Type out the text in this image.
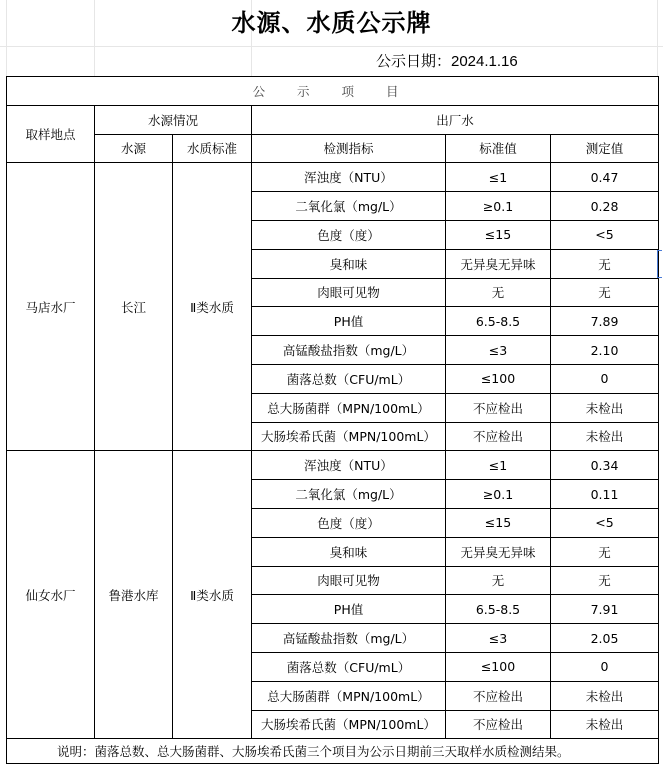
水源、水质公示牌
公示日期：2024.1.16
公 示 项 目					
取样地点	水源情况		出厂水		
	水源	水质标准	检测指标	标准值	测定值
马店水厂	长江	Ⅱ类水质	浑浊度（NTU）	≤1	0.47
			二氧化氯（mg/L）	≥0.1	0.28
			色度（度）	≤15	<5
			臭和味	无异臭无异味	无
			肉眼可见物	无	无
			PH值	6.5-8.5	7.89
			高锰酸盐指数（mg/L）	≤3	2.10
			菌落总数（CFU/mL）	≤100	0
			总大肠菌群（MPN/100mL）	不应检出	未检出
			大肠埃希氏菌（MPN/100mL）	不应检出	未检出
仙女水厂	鲁港水库	Ⅱ类水质	浑浊度（NTU）	≤1	0.34
			二氧化氯（mg/L）	≥0.1	0.11
			色度（度）	≤15	<5
			臭和味	无异臭无异味	无
			肉眼可见物	无	无
			PH值	6.5-8.5	7.91
			高锰酸盐指数（mg/L）	≤3	2.05
			菌落总数（CFU/mL）	≤100	0
			总大肠菌群（MPN/100mL）	不应检出	未检出
			大肠埃希氏菌（MPN/100mL）	不应检出	未检出
说明：菌落总数、总大肠菌群、大肠埃希氏菌三个项目为公示日期前三天取样水质检测结果。					
